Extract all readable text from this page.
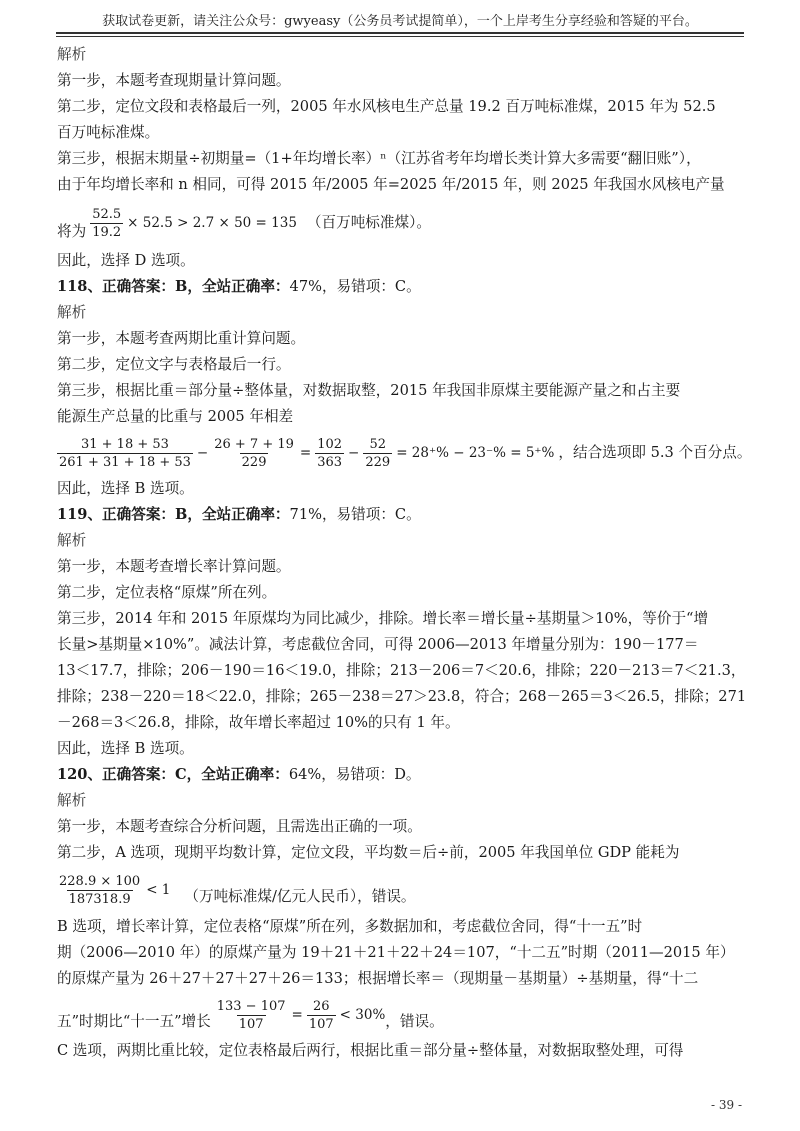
获取试卷更新，请关注公众号：gwyeasy（公务员考试提简单），一个上岸考生分享经验和答疑的平台。
解析
第一步，本题考查现期量计算问题。
第二步，定位文段和表格最后一列，2005 年水风核电生产总量 19.2 百万吨标准煤，2015 年为 52.5
百万吨标准煤。
第三步，根据末期量÷初期量=（1+年均增长率）ⁿ（江苏省考年均增长类计算大多需要“翻旧账”），
由于年均增长率和 n 相同，可得 2015 年/2005 年=2025 年/2015 年，则 2025 年我国水风核电产量
将为 $\frac{52.5}{19.2} \times 52.5 > 2.7 \times 50 = 135$ （百万吨标准煤）。
因此，选择 D 选项。
118、正确答案：B，全站正确率：47%，易错项：C。
解析
第一步，本题考查两期比重计算问题。
第二步，定位文字与表格最后一行。
第三步，根据比重＝部分量÷整体量，对数据取整，2015 年我国非原煤主要能源产量之和占主要
能源生产总量的比重与 2005 年相差
$\frac{31 + 18 + 53}{261 + 31 + 18 + 53} - \frac{26 + 7 + 19}{229} = \frac{102}{363} - \frac{52}{229} = 28^+\% - 23^-\% = 5^+\%$ ，结合选项即 5.3 个百分点。
因此，选择 B 选项。
119、正确答案：B，全站正确率：71%，易错项：C。
解析
第一步，本题考查增长率计算问题。
第二步，定位表格“原煤”所在列。
第三步，2014 年和 2015 年原煤均为同比减少，排除。增长率＝增长量÷基期量＞10%，等价于“增
长量>基期量×10%”。减法计算，考虑截位舍同，可得 2006—2013 年增量分别为：190－177＝
13＜17.7，排除；206－190＝16＜19.0，排除；213－206＝7＜20.6，排除；220－213＝7＜21.3，
排除；238－220＝18＜22.0，排除；265－238＝27＞23.8，符合；268－265＝3＜26.5，排除；271
－268＝3＜26.8，排除，故年增长率超过 10%的只有 1 年。
因此，选择 B 选项。
120、正确答案：C，全站正确率：64%，易错项：D。
解析
第一步，本题考查综合分析问题，且需选出正确的一项。
第二步，A 选项，现期平均数计算，定位文段，平均数＝后÷前，2005 年我国单位 GDP 能耗为
$\frac{228.9 \times 100}{187318.9} < 1$ （万吨标准煤/亿元人民币），错误。
B 选项，增长率计算，定位表格“原煤”所在列，多数据加和，考虑截位舍同，得“十一五”时
期（2006—2010 年）的原煤产量为 19＋21＋21＋22＋24＝107，“十二五”时期（2011—2015 年）
的原煤产量为 26＋27＋27＋27＋26＝133；根据增长率＝（现期量－基期量）÷基期量，得“十二
五”时期比“十一五”增长 $\frac{133 - 107}{107} = \frac{26}{107} < 30\%$ ，错误。
C 选项，两期比重比较，定位表格最后两行，根据比重＝部分量÷整体量，对数据取整处理，可得
- 39 -
